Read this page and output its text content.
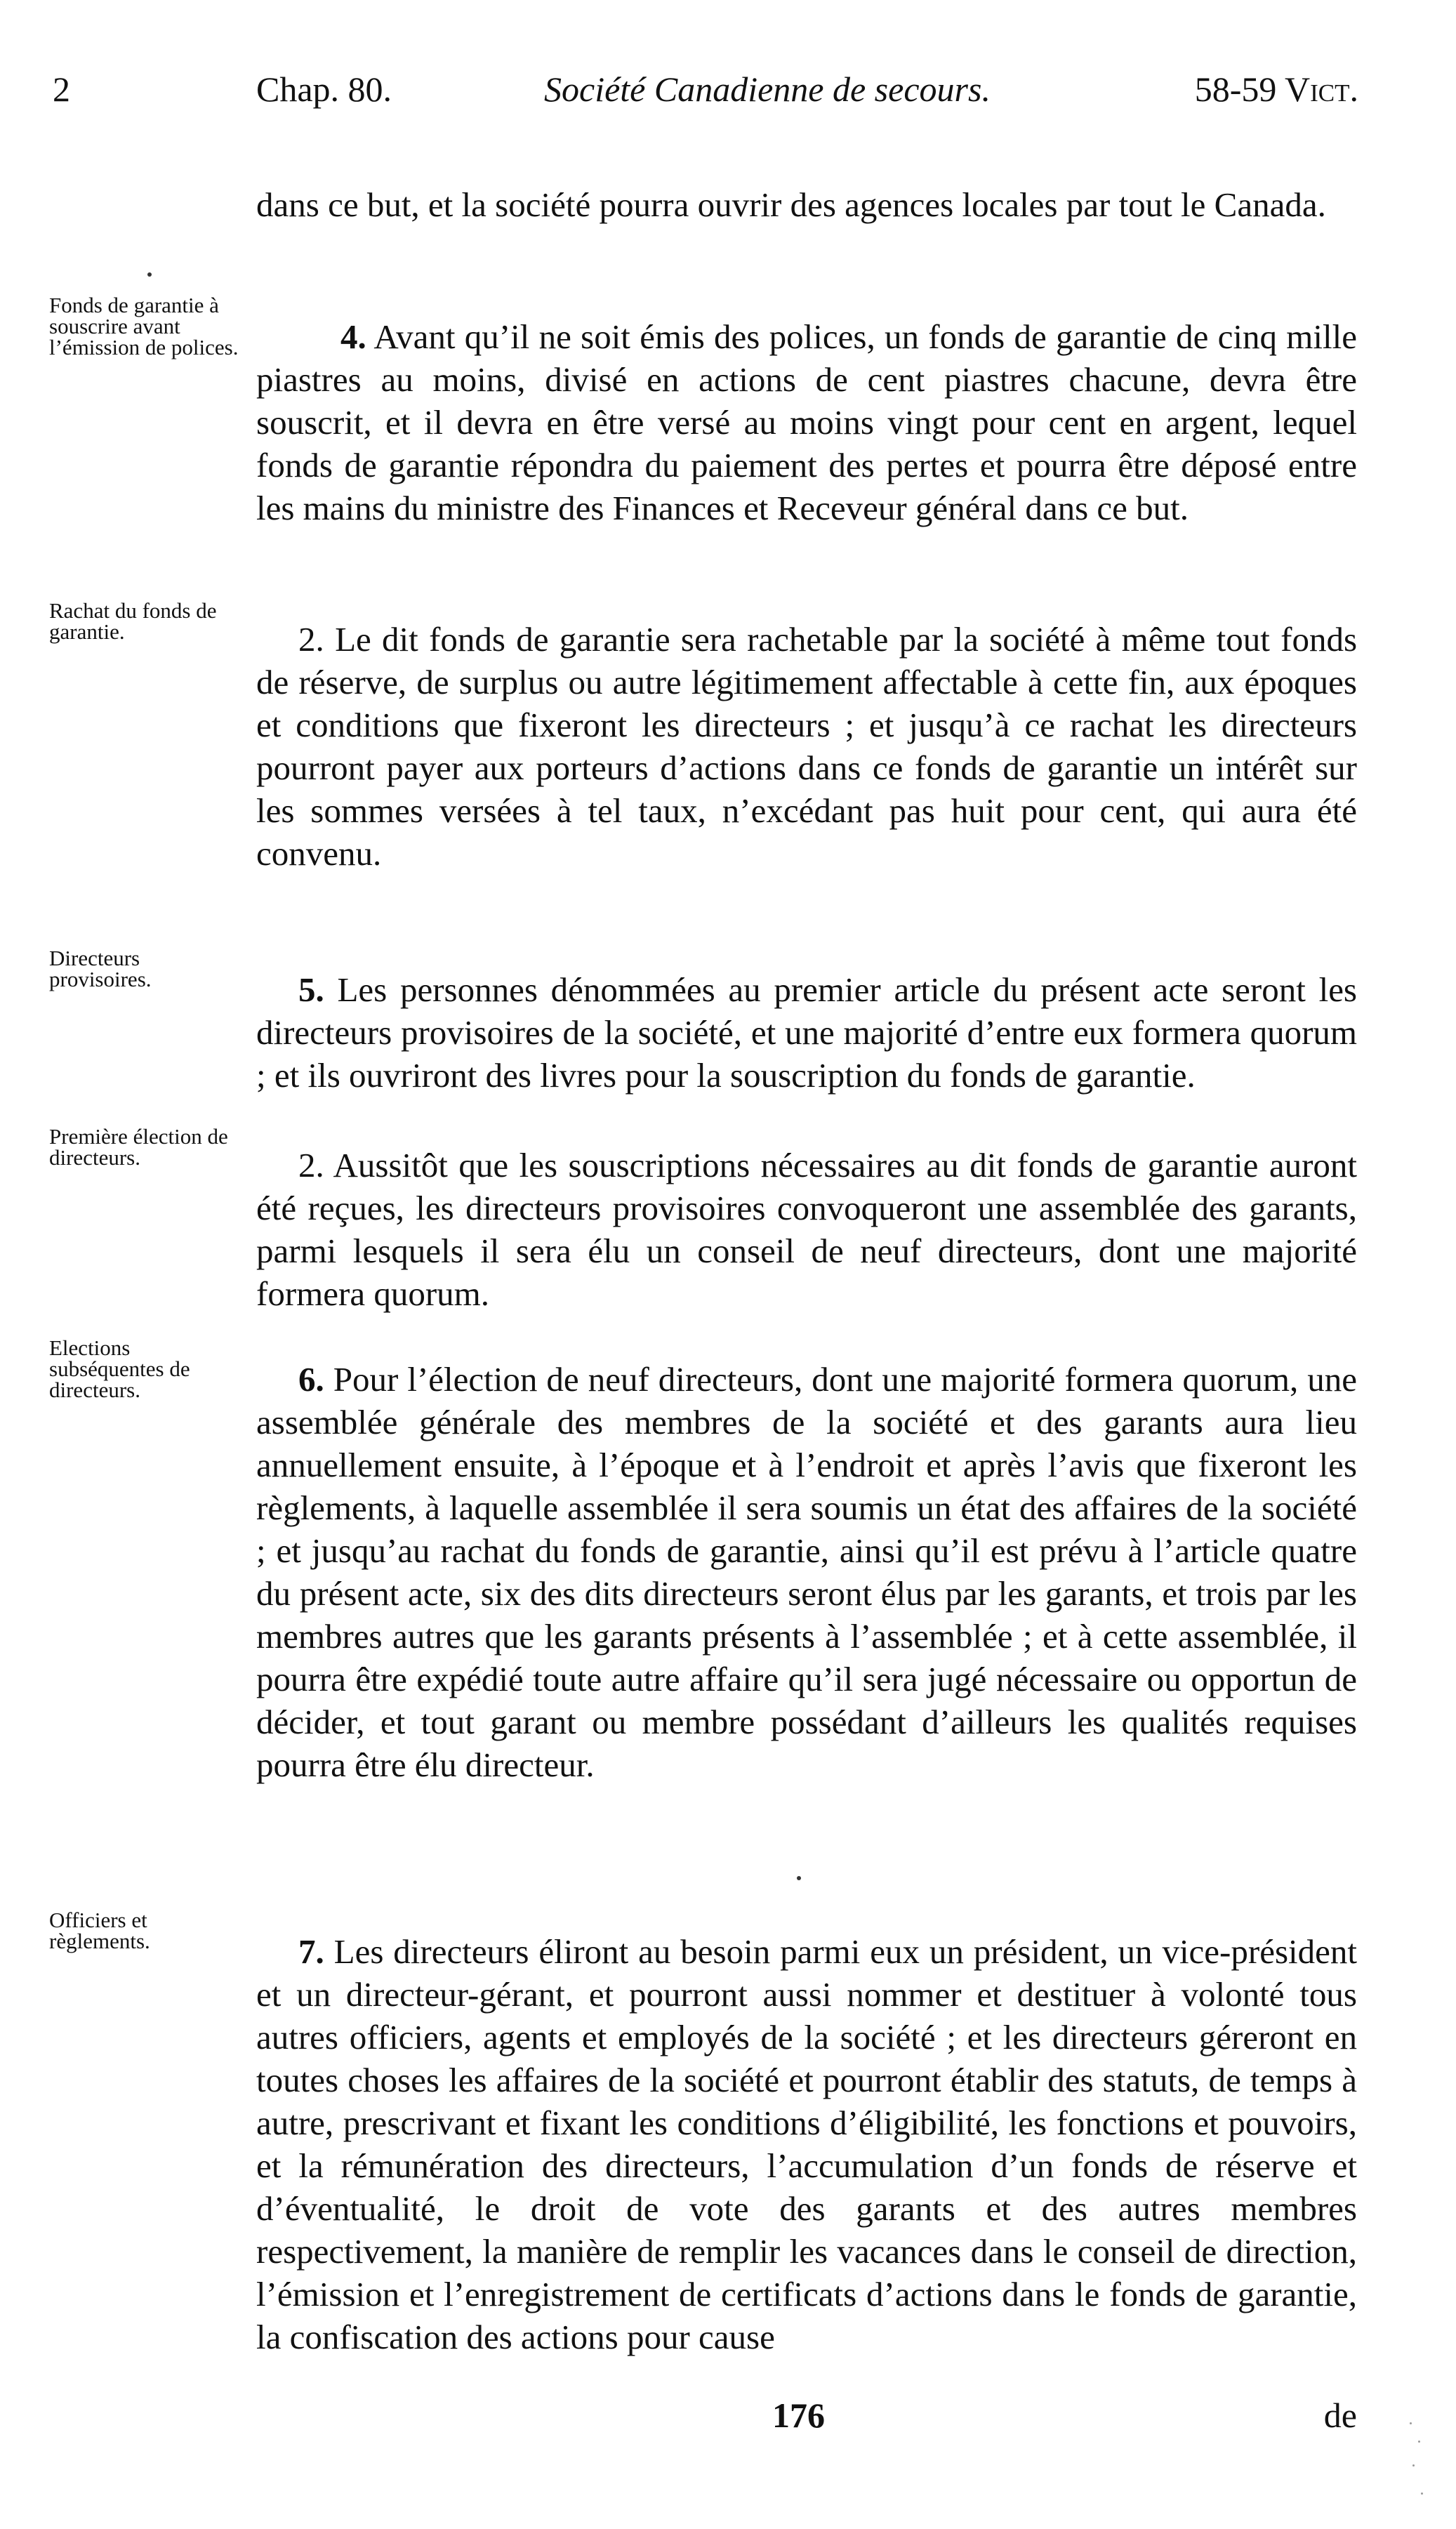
2	Chap. 80.	Société Canadienne de secours.	58-59 Vict.
Fonds de garantie à souscrire avant l’émission de polices.
Rachat du fonds de garantie.
Directeurs provisoires.
Première élection de directeurs.
Elections subséquentes de directeurs.
Officiers et règlements.

dans ce but, et la société pourra ouvrir des agences locales par tout le Canada.

4. Avant qu’il ne soit émis des polices, un fonds de garantie de cinq mille piastres au moins, divisé en actions de cent piastres chacune, devra être souscrit, et il devra en être versé au moins vingt pour cent en argent, lequel fonds de garantie répondra du paiement des pertes et pourra être déposé entre les mains du ministre des Finances et Receveur général dans ce but.

2. Le dit fonds de garantie sera rachetable par la société à même tout fonds de réserve, de surplus ou autre légitimement affectable à cette fin, aux époques et conditions que fixeront les directeurs ; et jusqu’à ce rachat les directeurs pourront payer aux porteurs d’actions dans ce fonds de garantie un intérêt sur les sommes versées à tel taux, n’excédant pas huit pour cent, qui aura été convenu.

5. Les personnes dénommées au premier article du présent acte seront les directeurs provisoires de la société, et une majorité d’entre eux formera quorum ; et ils ouvriront des livres pour la souscription du fonds de garantie.

2. Aussitôt que les souscriptions nécessaires au dit fonds de garantie auront été reçues, les directeurs provisoires convoqueront une assemblée des garants, parmi lesquels il sera élu un conseil de neuf directeurs, dont une majorité formera quorum.

6. Pour l’élection de neuf directeurs, dont une majorité formera quorum, une assemblée générale des membres de la société et des garants aura lieu annuellement ensuite, à l’époque et à l’endroit et après l’avis que fixeront les règlements, à laquelle assemblée il sera soumis un état des affaires de la société ; et jusqu’au rachat du fonds de garantie, ainsi qu’il est prévu à l’article quatre du présent acte, six des dits directeurs seront élus par les garants, et trois par les membres autres que les garants présents à l’assemblée ; et à cette assemblée, il pourra être expédié toute autre affaire qu’il sera jugé nécessaire ou opportun de décider, et tout garant ou membre possédant d’ailleurs les qualités requises pourra être élu directeur.

7. Les directeurs éliront au besoin parmi eux un président, un vice-président et un directeur-gérant, et pourront aussi nommer et destituer à volonté tous autres officiers, agents et employés de la société ; et les directeurs géreront en toutes choses les affaires de la société et pourront établir des statuts, de temps à autre, prescrivant et fixant les conditions d’éligibilité, les fonctions et pouvoirs, et la rémunération des directeurs, l’accumulation d’un fonds de réserve et d’éventualité, le droit de vote des garants et des autres membres respectivement, la manière de remplir les vacances dans le conseil de direction, l’émission et l’enregistrement de certificats d’actions dans le fonds de garantie, la confiscation des actions pour cause

176	de
